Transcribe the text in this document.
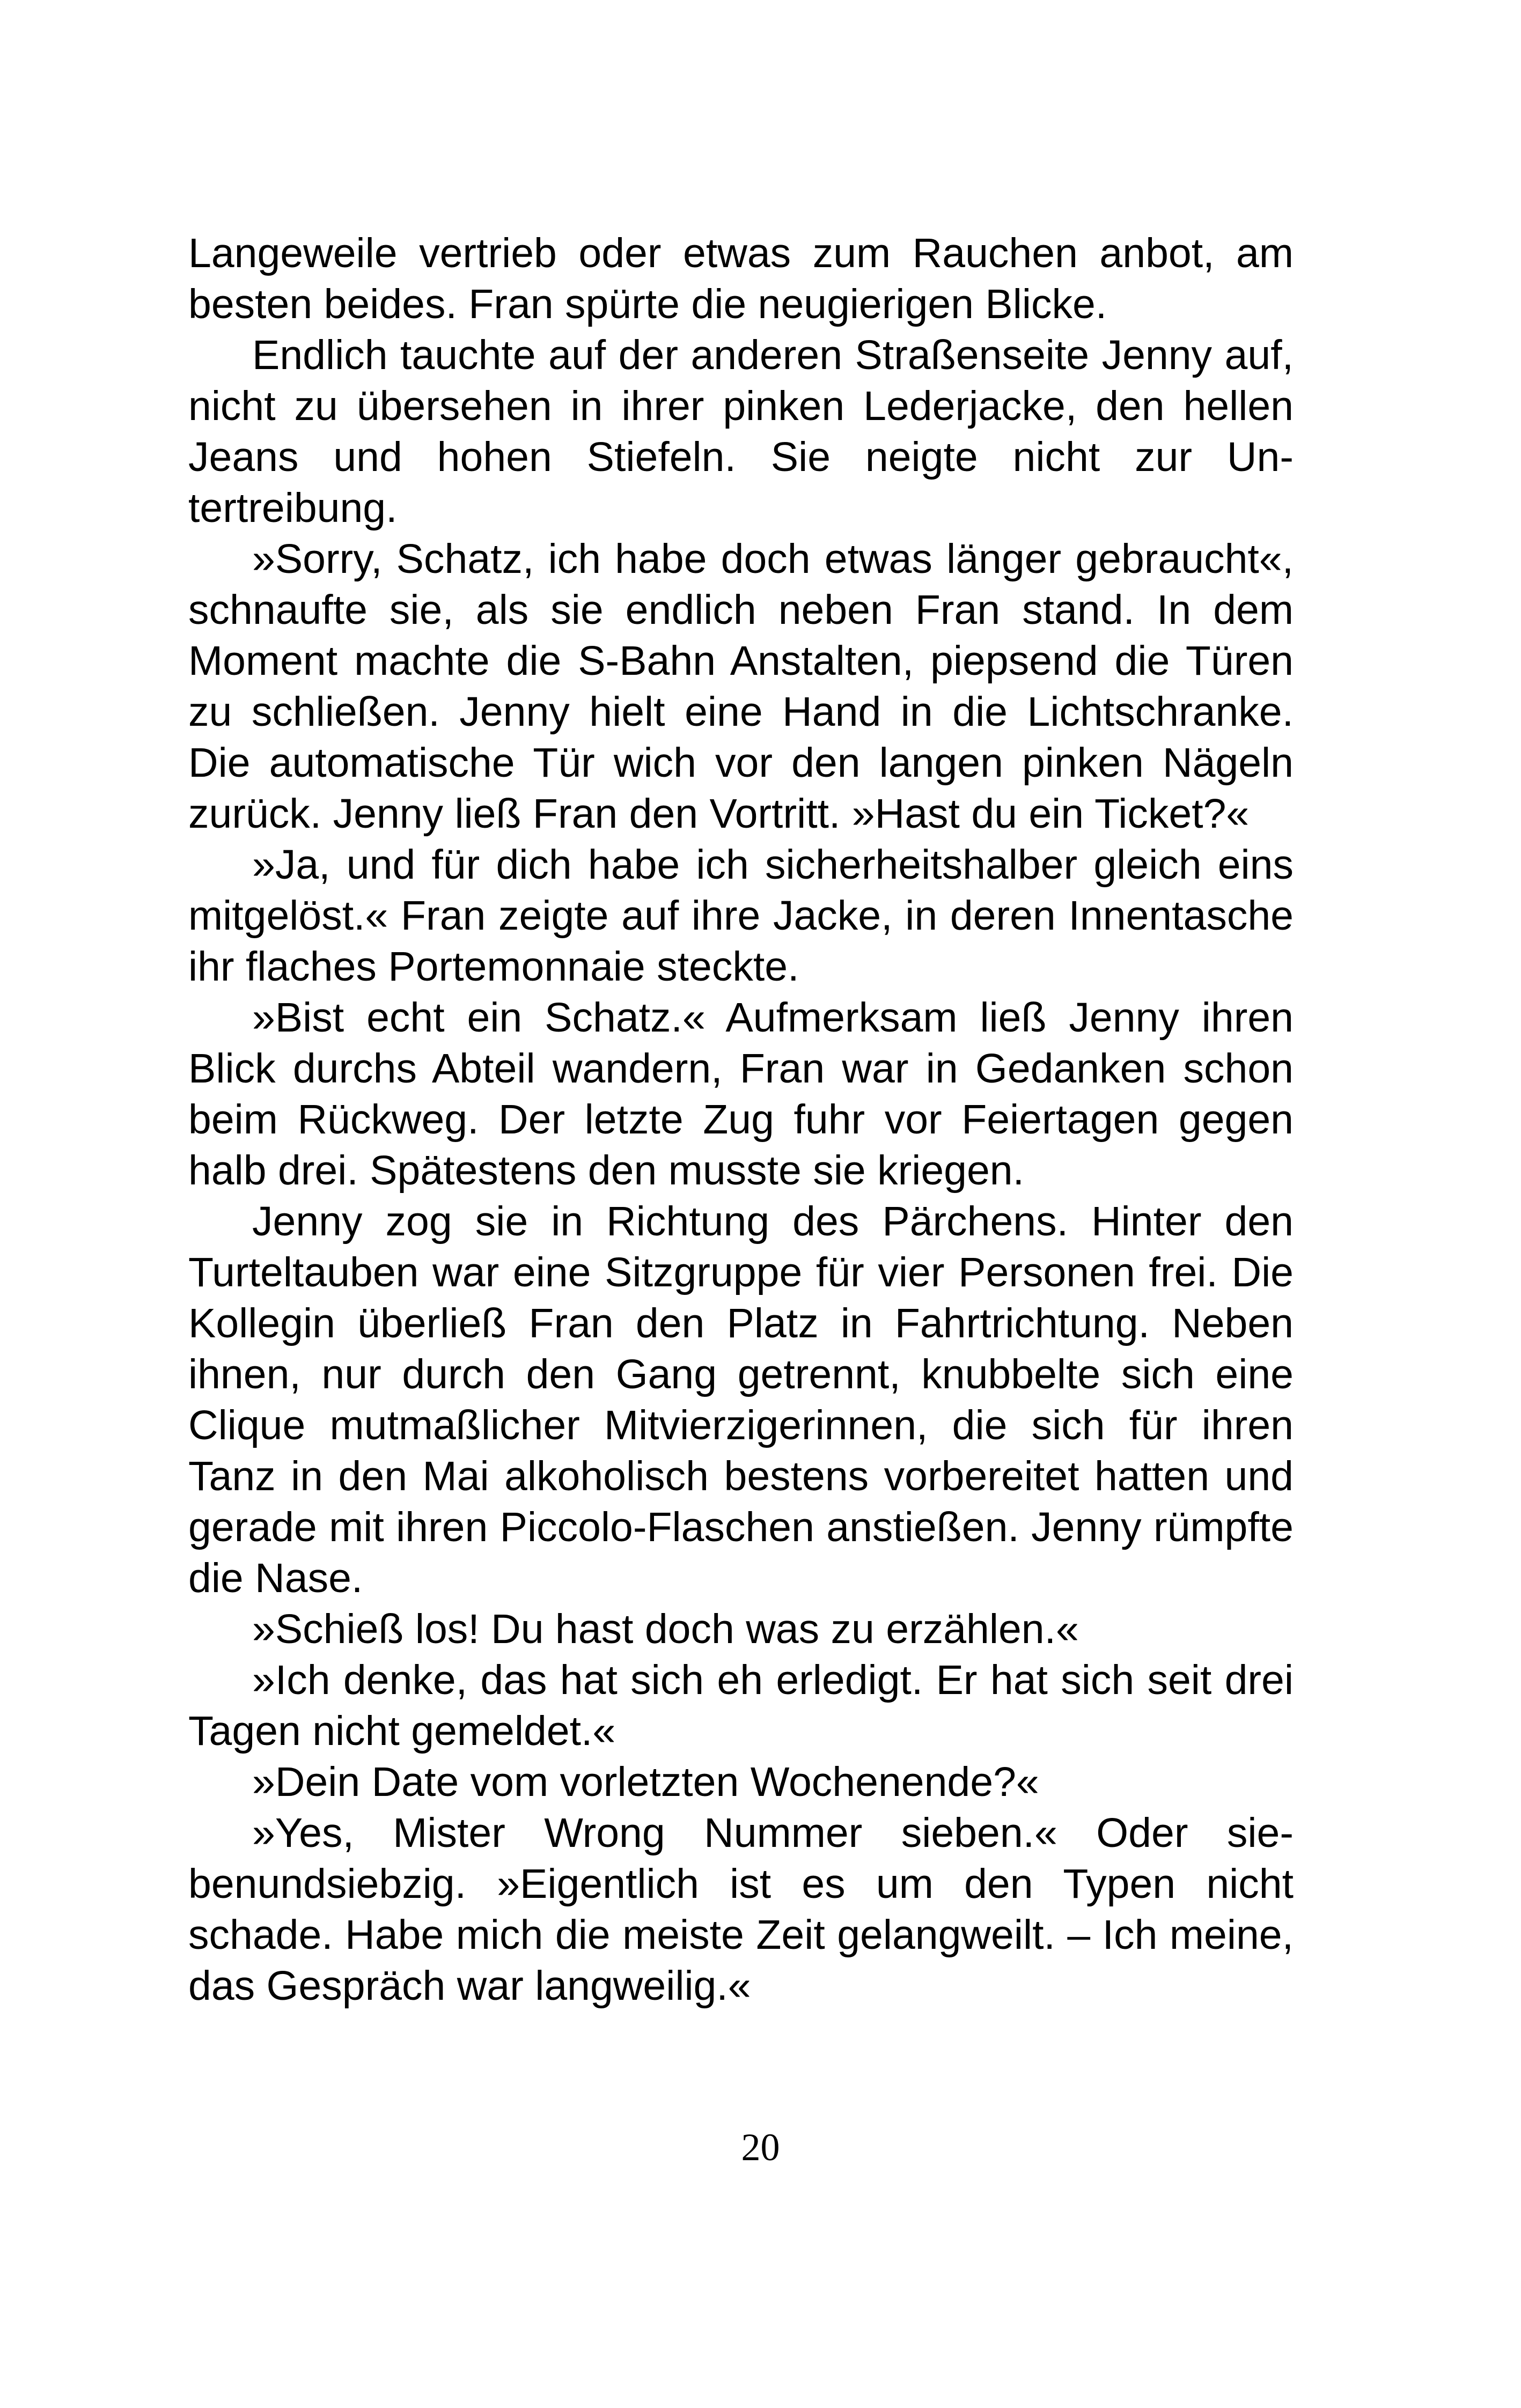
Langeweile vertrieb oder etwas zum Rauchen anbot, am besten beides. Fran spürte die neugierigen Blicke.

Endlich tauchte auf der anderen Straßenseite Jenny auf, nicht zu übersehen in ihrer pinken Lederjacke, den hellen Jeans und hohen Stiefeln. Sie neigte nicht zur Untertreibung.

»Sorry, Schatz, ich habe doch etwas länger gebraucht«, schnaufte sie, als sie endlich neben Fran stand. In dem Moment machte die S-Bahn Anstalten, piepsend die Türen zu schließen. Jenny hielt eine Hand in die Lichtschranke. Die automatische Tür wich vor den langen pinken Nägeln zurück. Jenny ließ Fran den Vortritt. »Hast du ein Ticket?«

»Ja, und für dich habe ich sicherheitshalber gleich eins mitgelöst.« Fran zeigte auf ihre Jacke, in deren Innentasche ihr flaches Portemonnaie steckte.

»Bist echt ein Schatz.« Aufmerksam ließ Jenny ihren Blick durchs Abteil wandern, Fran war in Gedanken schon beim Rückweg. Der letzte Zug fuhr vor Feiertagen gegen halb drei. Spätestens den musste sie kriegen.

Jenny zog sie in Richtung des Pärchens. Hinter den Turteltauben war eine Sitzgruppe für vier Personen frei. Die Kollegin überließ Fran den Platz in Fahrtrichtung. Neben ihnen, nur durch den Gang getrennt, knubbelte sich eine Clique mutmaßlicher Mitvierzigerinnen, die sich für ihren Tanz in den Mai alkoholisch bestens vorbereitet hatten und gerade mit ihren Piccolo-Flaschen anstießen. Jenny rümpfte die Nase.

»Schieß los! Du hast doch was zu erzählen.«

»Ich denke, das hat sich eh erledigt. Er hat sich seit drei Tagen nicht gemeldet.«

»Dein Date vom vorletzten Wochenende?«

»Yes, Mister Wrong Nummer sieben.« Oder siebenundsiebzig. »Eigentlich ist es um den Typen nicht schade. Habe mich die meiste Zeit gelangweilt. – Ich meine, das Gespräch war langweilig.«

20
